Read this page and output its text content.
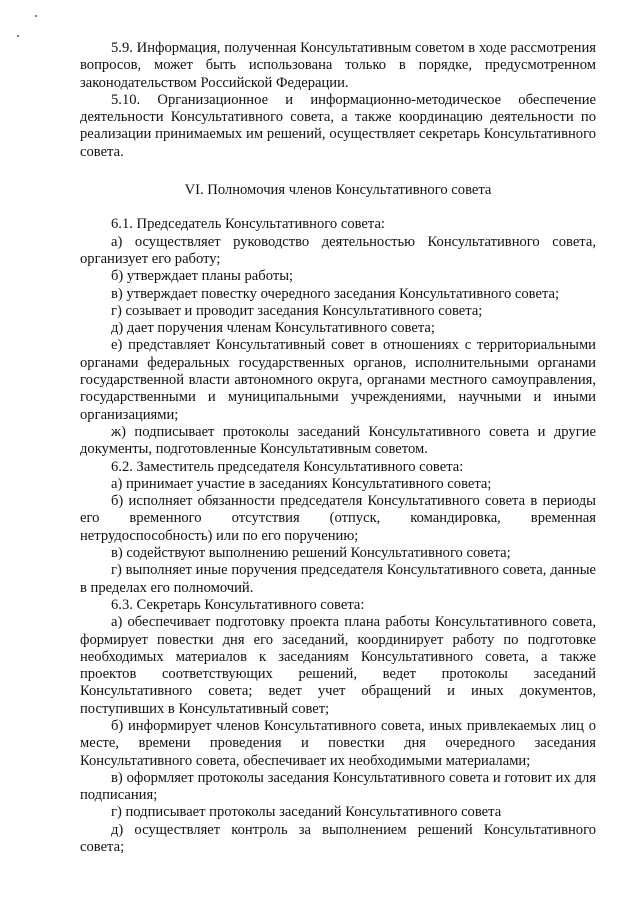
5.9. Информация, полученная Консультативным советом в ходе рассмотрения вопросов, может быть использована только в порядке, предусмотренном законодательством Российской Федерации.

5.10. Организационное и информационно-методическое обеспечение деятельности Консультативного совета, а также координацию деятельности по реализации принимаемых им решений, осуществляет секретарь Консультативного совета.

VI. Полномочия членов Консультативного совета

6.1. Председатель Консультативного совета:

а) осуществляет руководство деятельностью Консультативного совета, организует его работу;

б) утверждает планы работы;

в) утверждает повестку очередного заседания Консультативного совета;

г) созывает и проводит заседания Консультативного совета;

д) дает поручения членам Консультативного совета;

е) представляет Консультативный совет в отношениях с территориальными органами федеральных государственных органов, исполнительными органами государственной власти автономного округа, органами местного самоуправления, государственными и муниципальными учреждениями, научными и иными организациями;

ж) подписывает протоколы заседаний Консультативного совета и другие документы, подготовленные Консультативным советом.

6.2. Заместитель председателя Консультативного совета:

а) принимает участие в заседаниях Консультативного совета;

б) исполняет обязанности председателя Консультативного совета в периоды его временного отсутствия (отпуск, командировка, временная нетрудоспособность) или по его поручению;

в) содействуют выполнению решений Консультативного совета;

г) выполняет иные поручения председателя Консультативного совета, данные в пределах его полномочий.

6.3. Секретарь Консультативного совета:

а) обеспечивает подготовку проекта плана работы Консультативного совета, формирует повестки дня его заседаний, координирует работу по подготовке необходимых материалов к заседаниям Консультативного совета, а также проектов соответствующих решений, ведет протоколы заседаний Консультативного совета; ведет учет обращений и иных документов, поступивших в Консультативный совет;

б) информирует членов Консультативного совета, иных привлекаемых лиц о месте, времени проведения и повестки дня очередного заседания Консультативного совета, обеспечивает их необходимыми материалами;

в) оформляет протоколы заседания Консультативного совета и готовит их для подписания;

г) подписывает протоколы заседаний Консультативного совета

д) осуществляет контроль за выполнением решений Консультативного совета;
